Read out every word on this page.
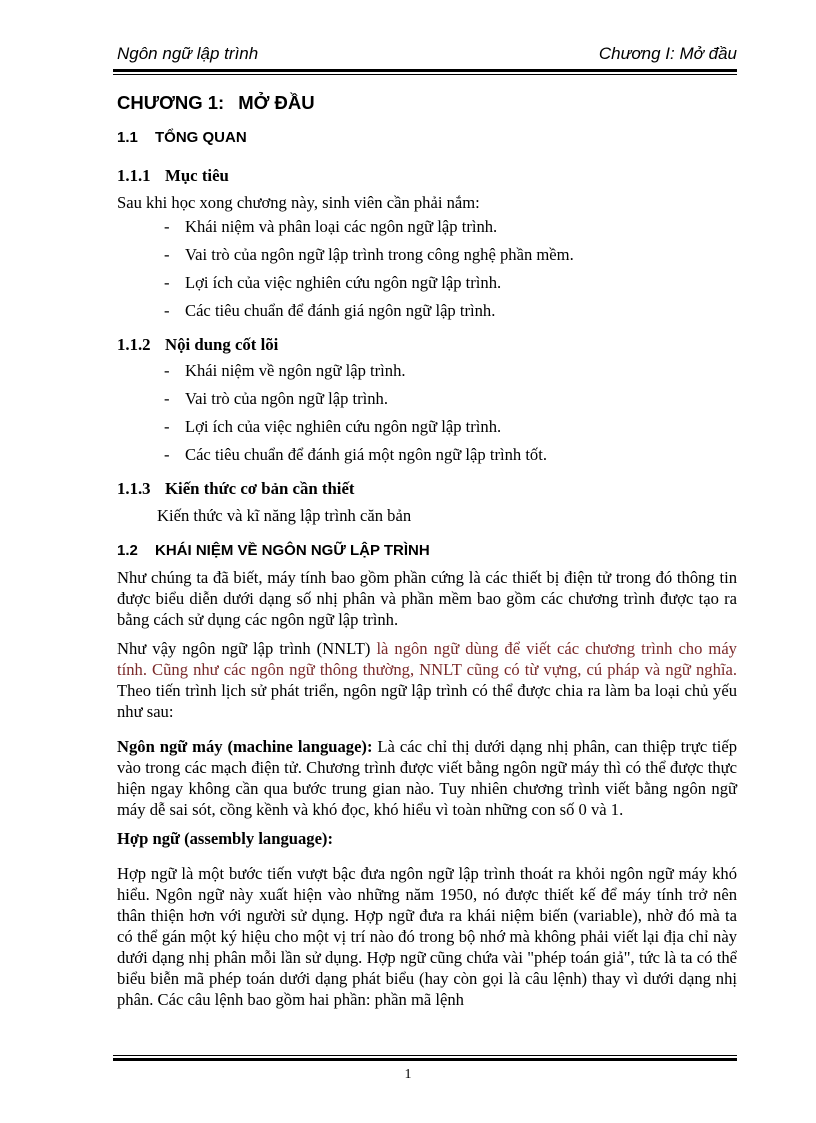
Ngôn ngữ lập trình	Chương I: Mở đầu
CHƯƠNG 1: MỞ ĐẦU
1.1	TỔNG QUAN
1.1.1 Mục tiêu

Sau khi học xong chương này, sinh viên cần phải nắm:

- Khái niệm và phân loại các ngôn ngữ lập trình.
- Vai trò của ngôn ngữ lập trình trong công nghệ phần mềm.
- Lợi ích của việc nghiên cứu ngôn ngữ lập trình.
- Các tiêu chuẩn để đánh giá ngôn ngữ lập trình.
1.1.2 Nội dung cốt lõi
- Khái niệm về ngôn ngữ lập trình.
- Vai trò của ngôn ngữ lập trình.
- Lợi ích của việc nghiên cứu ngôn ngữ lập trình.
- Các tiêu chuẩn để đánh giá một ngôn ngữ lập trình tốt.
1.1.3 Kiến thức cơ bản cần thiết

Kiến thức và kĩ năng lập trình căn bản

1.2	KHÁI NIỆM VỀ NGÔN NGỮ LẬP TRÌNH

Như chúng ta đã biết, máy tính bao gồm phần cứng là các thiết bị điện tử trong đó thông tin được biểu diễn dưới dạng số nhị phân và phần mềm bao gồm các chương trình được tạo ra bằng cách sử dụng các ngôn ngữ lập trình.

Như vậy ngôn ngữ lập trình (NNLT) là ngôn ngữ dùng để viết các chương trình cho máy tính. Cũng như các ngôn ngữ thông thường, NNLT cũng có từ vựng, cú pháp và ngữ nghĩa. Theo tiến trình lịch sử phát triển, ngôn ngữ lập trình có thể được chia ra làm ba loại chủ yếu như sau:

Ngôn ngữ máy (machine language): Là các chỉ thị dưới dạng nhị phân, can thiệp trực tiếp vào trong các mạch điện tử. Chương trình được viết bằng ngôn ngữ máy thì có thể được thực hiện ngay không cần qua bước trung gian nào. Tuy nhiên chương trình viết bằng ngôn ngữ máy dễ sai sót, cồng kềnh và khó đọc, khó hiểu vì toàn những con số 0 và 1.

Hợp ngữ (assembly language):

Hợp ngữ là một bước tiến vượt bậc đưa ngôn ngữ lập trình thoát ra khỏi ngôn ngữ máy khó hiểu. Ngôn ngữ này xuất hiện vào những năm 1950, nó được thiết kế để máy tính trở nên thân thiện hơn với người sử dụng. Hợp ngữ đưa ra khái niệm biến (variable), nhờ đó mà ta có thể gán một ký hiệu cho một vị trí nào đó trong bộ nhớ mà không phải viết lại địa chỉ này dưới dạng nhị phân mỗi lần sử dụng. Hợp ngữ cũng chứa vài "phép toán giả", tức là ta có thể biểu biễn mã phép toán dưới dạng phát biểu (hay còn gọi là câu lệnh) thay vì dưới dạng nhị phân. Các câu lệnh bao gồm hai phần: phần mã lệnh

1
